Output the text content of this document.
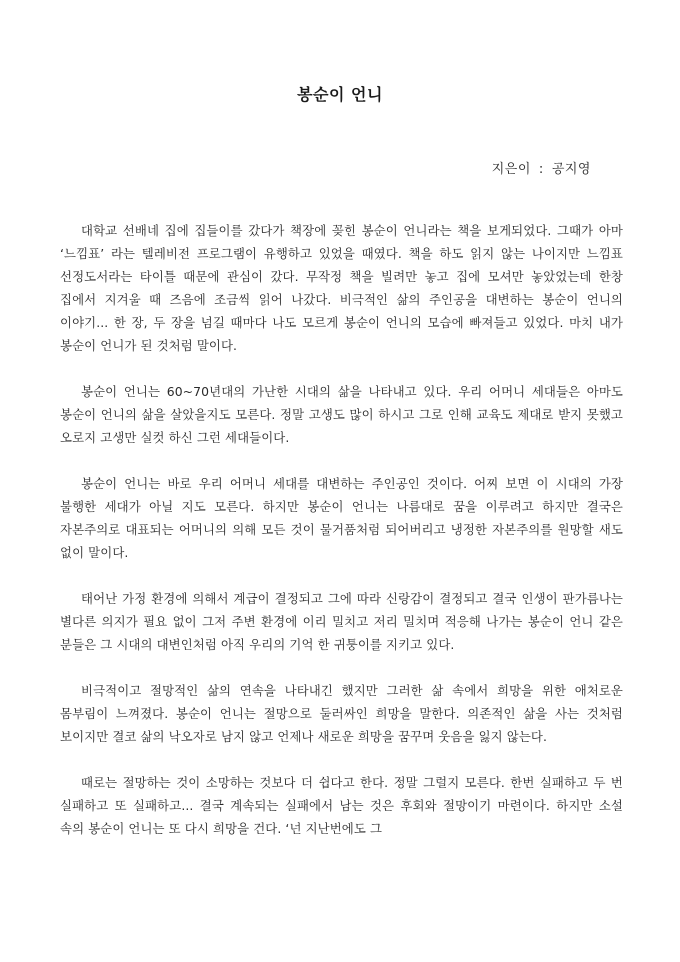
봉순이 언니
지은이 : 공지영

대학교 선배네 집에 집들이를 갔다가 책장에 꽂힌 봉순이 언니라는 책을 보게되었다. 그때가 아마 ‘느낌표’ 라는 텔레비전 프로그램이 유행하고 있었을 때였다. 책을 하도 읽지 않는 나이지만 느낌표 선정도서라는 타이틀 때문에 관심이 갔다. 무작정 책을 빌려만 놓고 집에 모셔만 놓았었는데 한창 집에서 지겨울 때 즈음에 조금씩 읽어 나갔다. 비극적인 삶의 주인공을 대변하는 봉순이 언니의 이야기... 한 장, 두 장을 넘길 때마다 나도 모르게 봉순이 언니의 모습에 빠져들고 있었다. 마치 내가 봉순이 언니가 된 것처럼 말이다.

봉순이 언니는 60~70년대의 가난한 시대의 삶을 나타내고 있다. 우리 어머니 세대들은 아마도 봉순이 언니의 삶을 살았을지도 모른다. 정말 고생도 많이 하시고 그로 인해 교육도 제대로 받지 못했고 오로지 고생만 실컷 하신 그런 세대들이다.

봉순이 언니는 바로 우리 어머니 세대를 대변하는 주인공인 것이다. 어찌 보면 이 시대의 가장 불행한 세대가 아닐 지도 모른다. 하지만 봉순이 언니는 나름대로 꿈을 이루려고 하지만 결국은 자본주의로 대표되는 어머니의 의해 모든 것이 물거품처럼 되어버리고 냉정한 자본주의를 원망할 새도 없이 말이다.

태어난 가정 환경에 의해서 계급이 결정되고 그에 따라 신랑감이 결정되고 결국 인생이 판가름나는 별다른 의지가 필요 없이 그저 주변 환경에 이리 밀치고 저리 밀치며 적응해 나가는 봉순이 언니 같은 분들은 그 시대의 대변인처럼 아직 우리의 기억 한 귀퉁이를 지키고 있다.

비극적이고 절망적인 삶의 연속을 나타내긴 했지만 그러한 삶 속에서 희망을 위한 애처로운 몸부림이 느껴졌다. 봉순이 언니는 절망으로 둘러싸인 희망을 말한다. 의존적인 삶을 사는 것처럼 보이지만 결코 삶의 낙오자로 남지 않고 언제나 새로운 희망을 꿈꾸며 웃음을 잃지 않는다.

때로는 절망하는 것이 소망하는 것보다 더 쉽다고 한다. 정말 그럴지 모른다. 한번 실패하고 두 번 실패하고 또 실패하고... 결국 계속되는 실패에서 남는 것은 후회와 절망이기 마련이다. 하지만 소설 속의 봉순이 언니는 또 다시 희망을 건다. ‘넌 지난번에도 그
